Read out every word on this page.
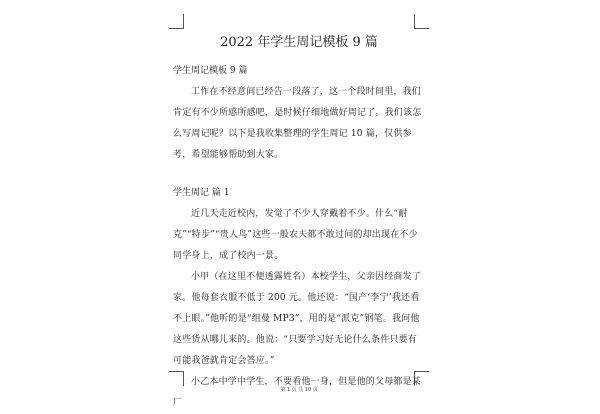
2022 年学生周记模板 9 篇
学生周记模板 9 篇

工作在不经意间已经告一段落了，这一个段时间里，我们肯定有不少所感所感吧，是时候仔细地做好周记了。我们该怎么写周记呢？以下是我收集整理的学生周记 10 篇，仅供参考，希望能够帮助到大家。

学生周记 篇 1

近几天走近校内，发觉了不少人穿戴着不少。什么“耐克”“特步”“贵人鸟”这些一般农夫都不敢过问的却出现在不少同学身上，成了校内一景。

小甲（在这里不便透露姓名）本校学生，父亲因经商发了家。他每套衣服不低于 200 元。他还说：“国产‘李宁’我还看不上眼。”他听的是“组曼 MP3”，用的是“派克”钢笔。我问他这些货从哪儿来的。他说：“只要学习好无论什么条件只要有可能我爸就肯定会答应。”

小乙本中学中学生，不要看他一身，但是他的父母都是某厂

第 1 页 共 10 页
